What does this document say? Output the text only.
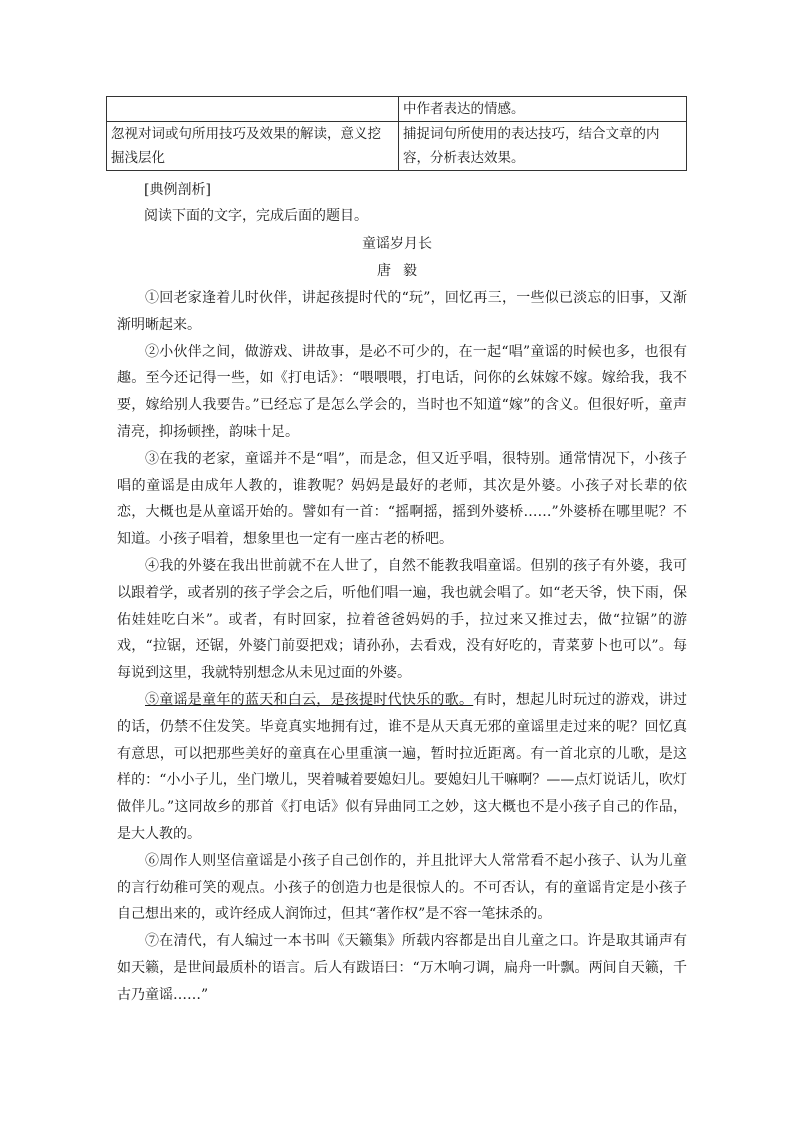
	中作者表达的情感。
忽视对词或句所用技巧及效果的解读，意义挖掘浅层化	捕捉词句所使用的表达技巧，结合文章的内容，分析表达效果。
[典例剖析]
阅读下面的文字，完成后面的题目。
童谣岁月长
唐毅

①回老家逢着儿时伙伴，讲起孩提时代的“玩”，回忆再三，一些似已淡忘的旧事，又渐渐明晰起来。

②小伙伴之间，做游戏、讲故事，是必不可少的，在一起“唱”童谣的时候也多，也很有趣。至今还记得一些，如《打电话》：“喂喂喂，打电话，问你的幺妹嫁不嫁。嫁给我，我不要，嫁给别人我要告。”已经忘了是怎么学会的，当时也不知道“嫁”的含义。但很好听，童声清亮，抑扬顿挫，韵味十足。

③在我的老家，童谣并不是“唱”，而是念，但又近乎唱，很特别。通常情况下，小孩子唱的童谣是由成年人教的，谁教呢？妈妈是最好的老师，其次是外婆。小孩子对长辈的依恋，大概也是从童谣开始的。譬如有一首：“摇啊摇，摇到外婆桥……”外婆桥在哪里呢？不知道。小孩子唱着，想象里也一定有一座古老的桥吧。

④我的外婆在我出世前就不在人世了，自然不能教我唱童谣。但别的孩子有外婆，我可以跟着学，或者别的孩子学会之后，听他们唱一遍，我也就会唱了。如“老天爷，快下雨，保佑娃娃吃白米”。或者，有时回家，拉着爸爸妈妈的手，拉过来又推过去，做“拉锯”的游戏，“拉锯，还锯，外婆门前耍把戏；请孙孙，去看戏，没有好吃的，青菜萝卜也可以”。每每说到这里，我就特别想念从未见过面的外婆。

⑤童谣是童年的蓝天和白云，是孩提时代快乐的歌。有时，想起儿时玩过的游戏，讲过的话，仍禁不住发笑。毕竟真实地拥有过，谁不是从天真无邪的童谣里走过来的呢？回忆真有意思，可以把那些美好的童真在心里重演一遍，暂时拉近距离。有一首北京的儿歌，是这样的：“小小子儿，坐门墩儿，哭着喊着要媳妇儿。要媳妇儿干嘛啊？——点灯说话儿，吹灯做伴儿。”这同故乡的那首《打电话》似有异曲同工之妙，这大概也不是小孩子自己的作品，是大人教的。

⑥周作人则坚信童谣是小孩子自己创作的，并且批评大人常常看不起小孩子、认为儿童的言行幼稚可笑的观点。小孩子的创造力也是很惊人的。不可否认，有的童谣肯定是小孩子自己想出来的，或许经成人润饰过，但其“著作权”是不容一笔抹杀的。

⑦在清代，有人编过一本书叫《天籁集》所载内容都是出自儿童之口。许是取其诵声有如天籁，是世间最质朴的语言。后人有跋语曰：“万木响刁调，扁舟一叶飘。两间自天籁，千古乃童谣……”
